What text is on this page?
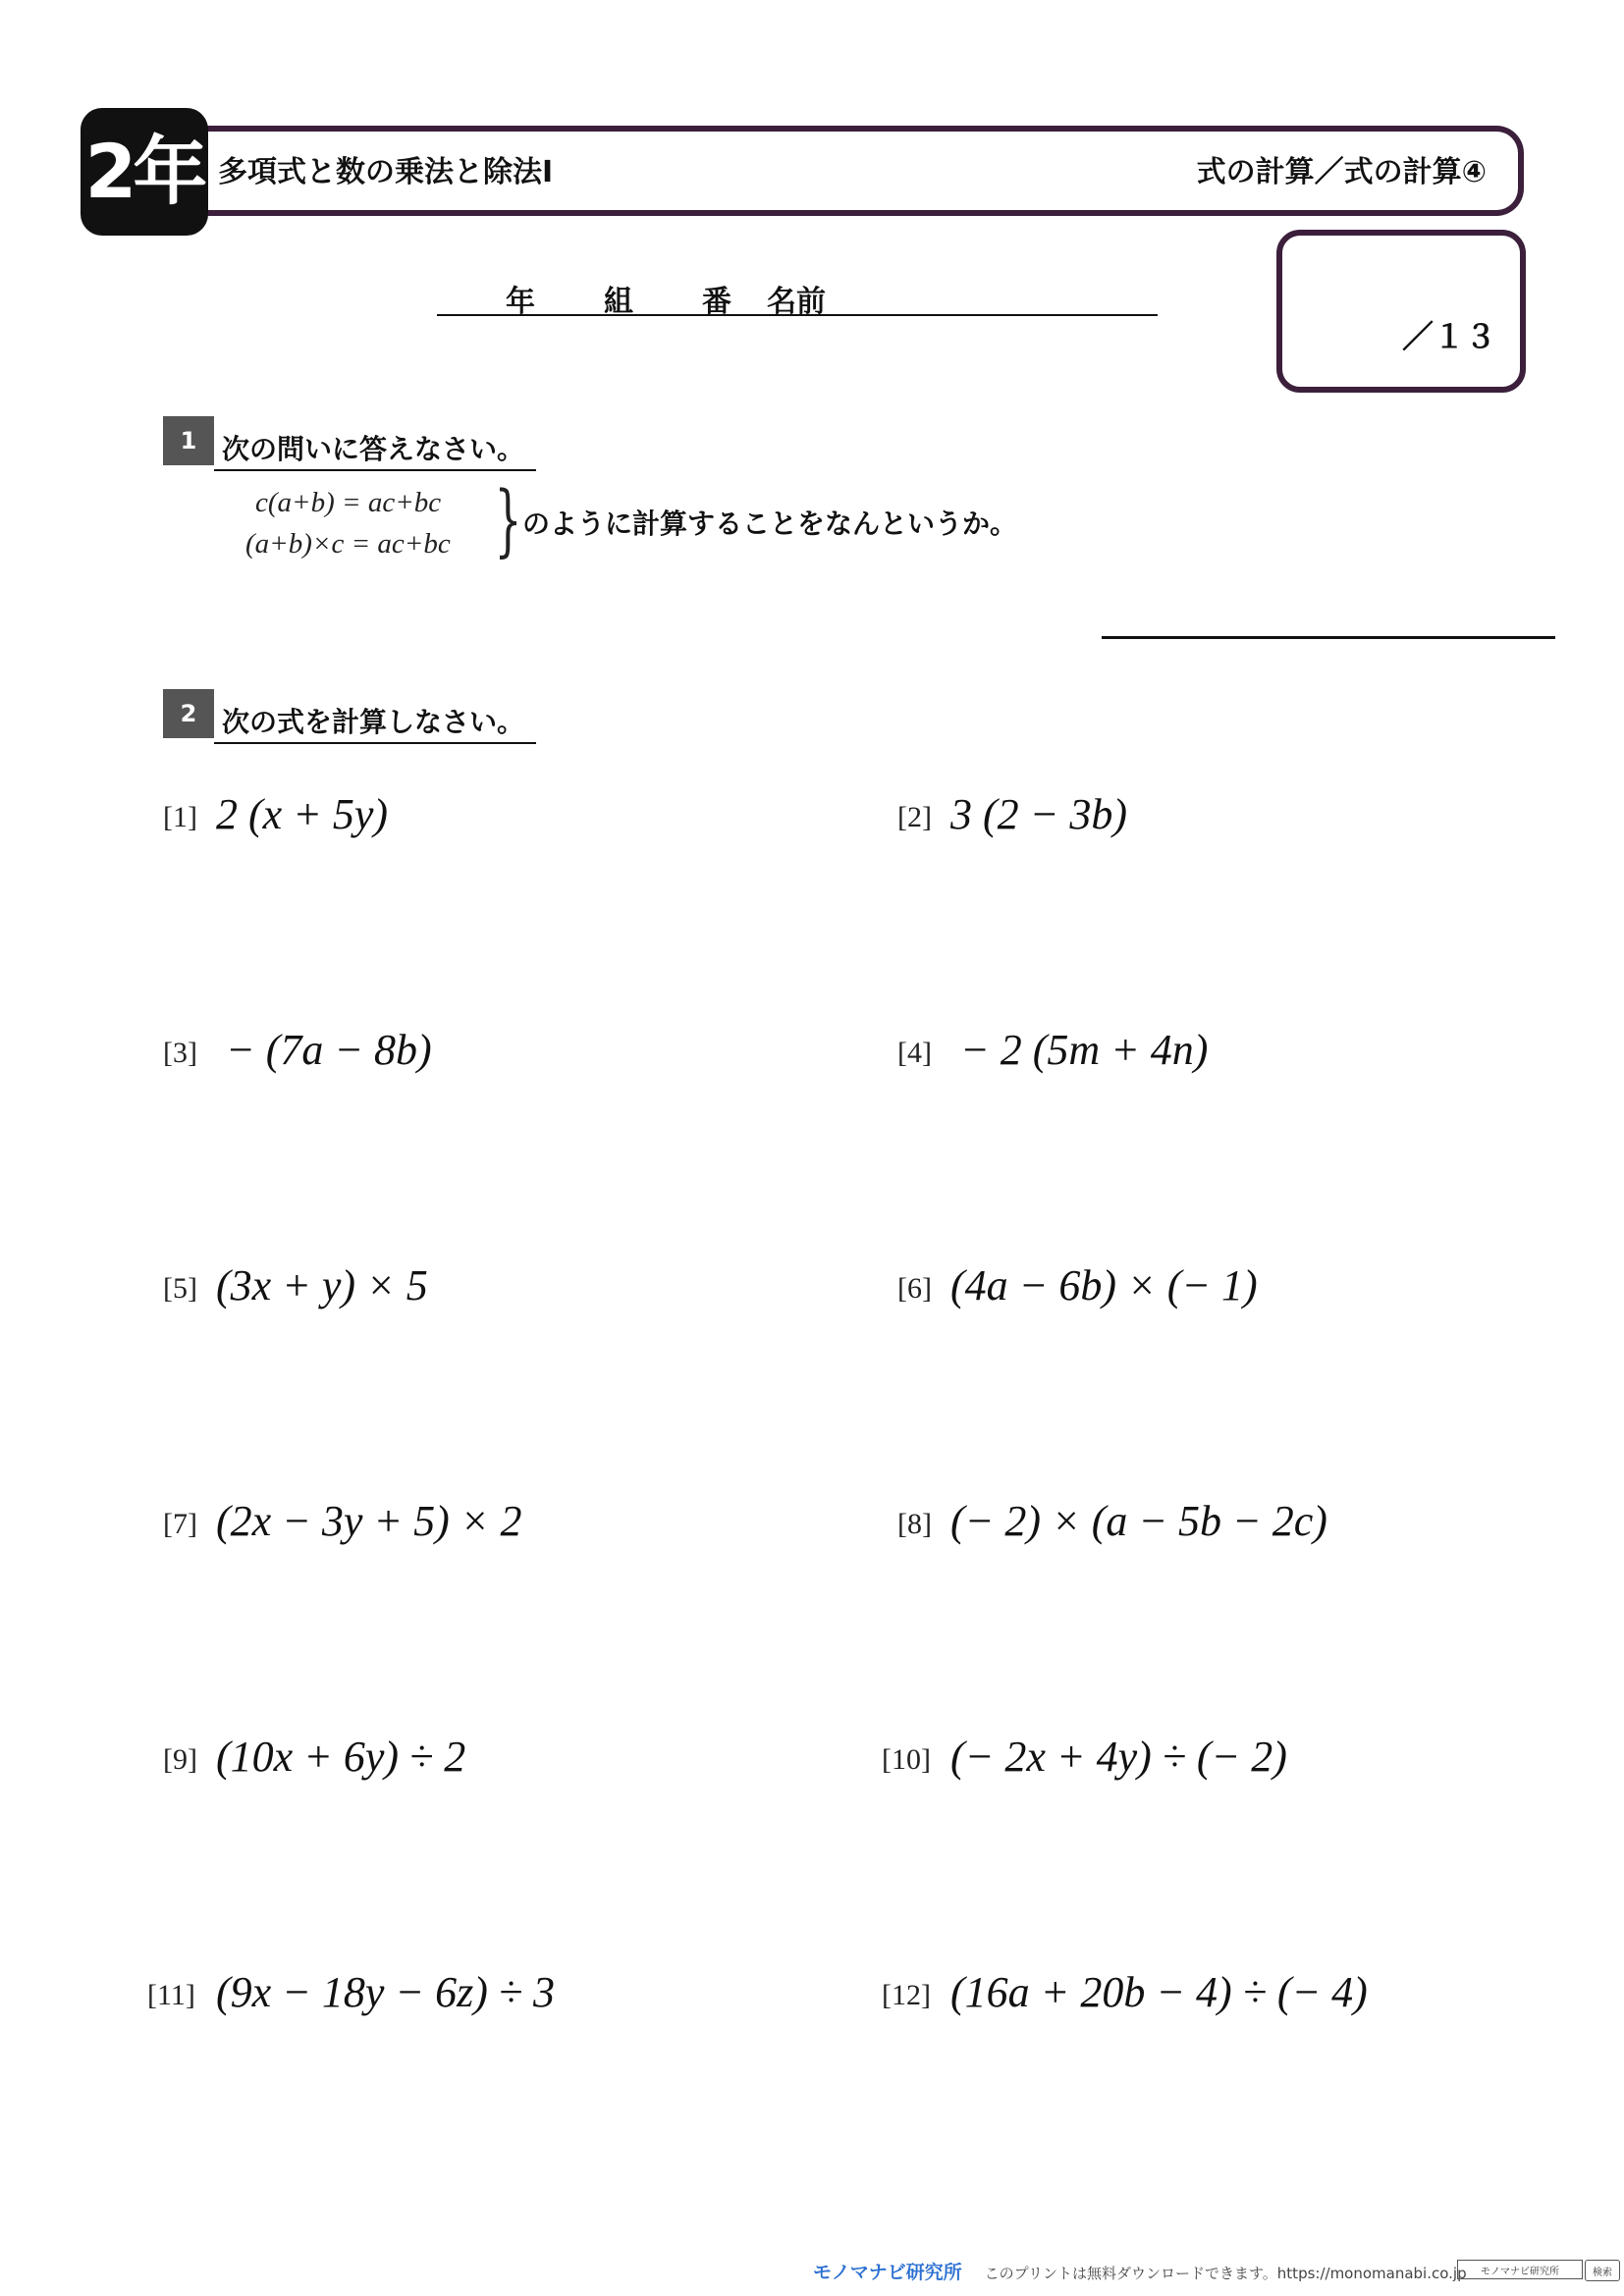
2年 多項式と数の乗法と除法Ⅰ	式の計算／式の計算④
年 組 番 名前
／１３
1 次の問いに答えなさい。
c(a+b) = ac+bc
(a+b)×c = ac+bc } のように計算することをなんというか。
2 次の式を計算しなさい。
[1] 2 (x + 5y)
[3] − (7a − 8b)
[5] (3x + y) × 5
[7] (2x − 3y + 5) × 2
[9] (10x + 6y) ÷ 2
[11] (9x − 18y − 6z) ÷ 3
[2] 3 (2 − 3b)
[4] − 2 (5m + 4n)
[6] (4a − 6b) × (− 1)
[8] (− 2) × (a − 5b − 2c)
[10] (− 2x + 4y) ÷ (− 2)
[12] (16a + 20b − 4) ÷ (− 4)
モノマナビ研究所 このプリントは無料ダウンロードできます。https://monomanabi.co.jp	モノマナビ研究所	検索
